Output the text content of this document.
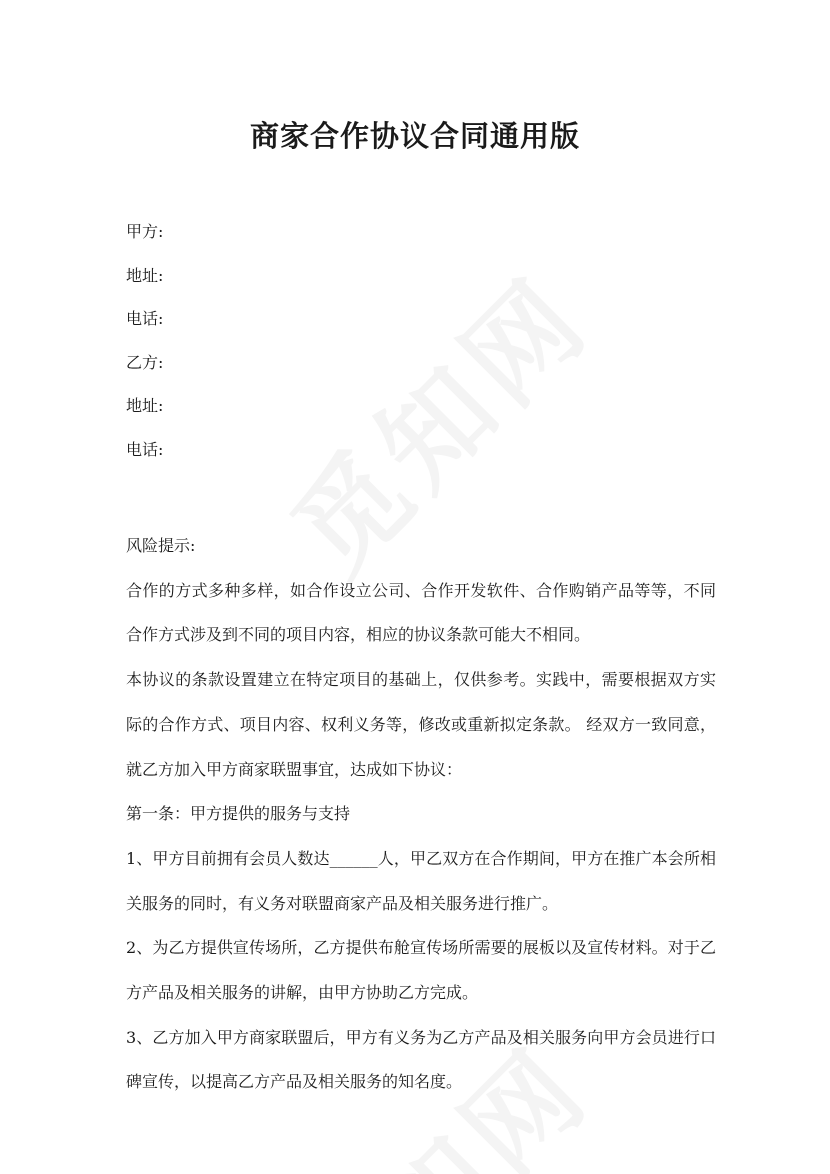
商家合作协议合同通用版
甲方:
地址:
电话:
乙方:
地址:
电话:

风险提示:

合作的方式多种多样，如合作设立公司、合作开发软件、合作购销产品等等，不同合作方式涉及到不同的项目内容，相应的协议条款可能大不相同。

本协议的条款设置建立在特定项目的基础上，仅供参考。实践中，需要根据双方实际的合作方式、项目内容、权利义务等，修改或重新拟定条款。 经双方一致同意，就乙方加入甲方商家联盟事宜，达成如下协议：

第一条：甲方提供的服务与支持

1、甲方目前拥有会员人数达______人，甲乙双方在合作期间，甲方在推广本会所相关服务的同时，有义务对联盟商家产品及相关服务进行推广。

2、为乙方提供宣传场所，乙方提供布舱宣传场所需要的展板以及宣传材料。对于乙方产品及相关服务的讲解，由甲方协助乙方完成。

3、乙方加入甲方商家联盟后，甲方有义务为乙方产品及相关服务向甲方会员进行口碑宣传，以提高乙方产品及相关服务的知名度。
